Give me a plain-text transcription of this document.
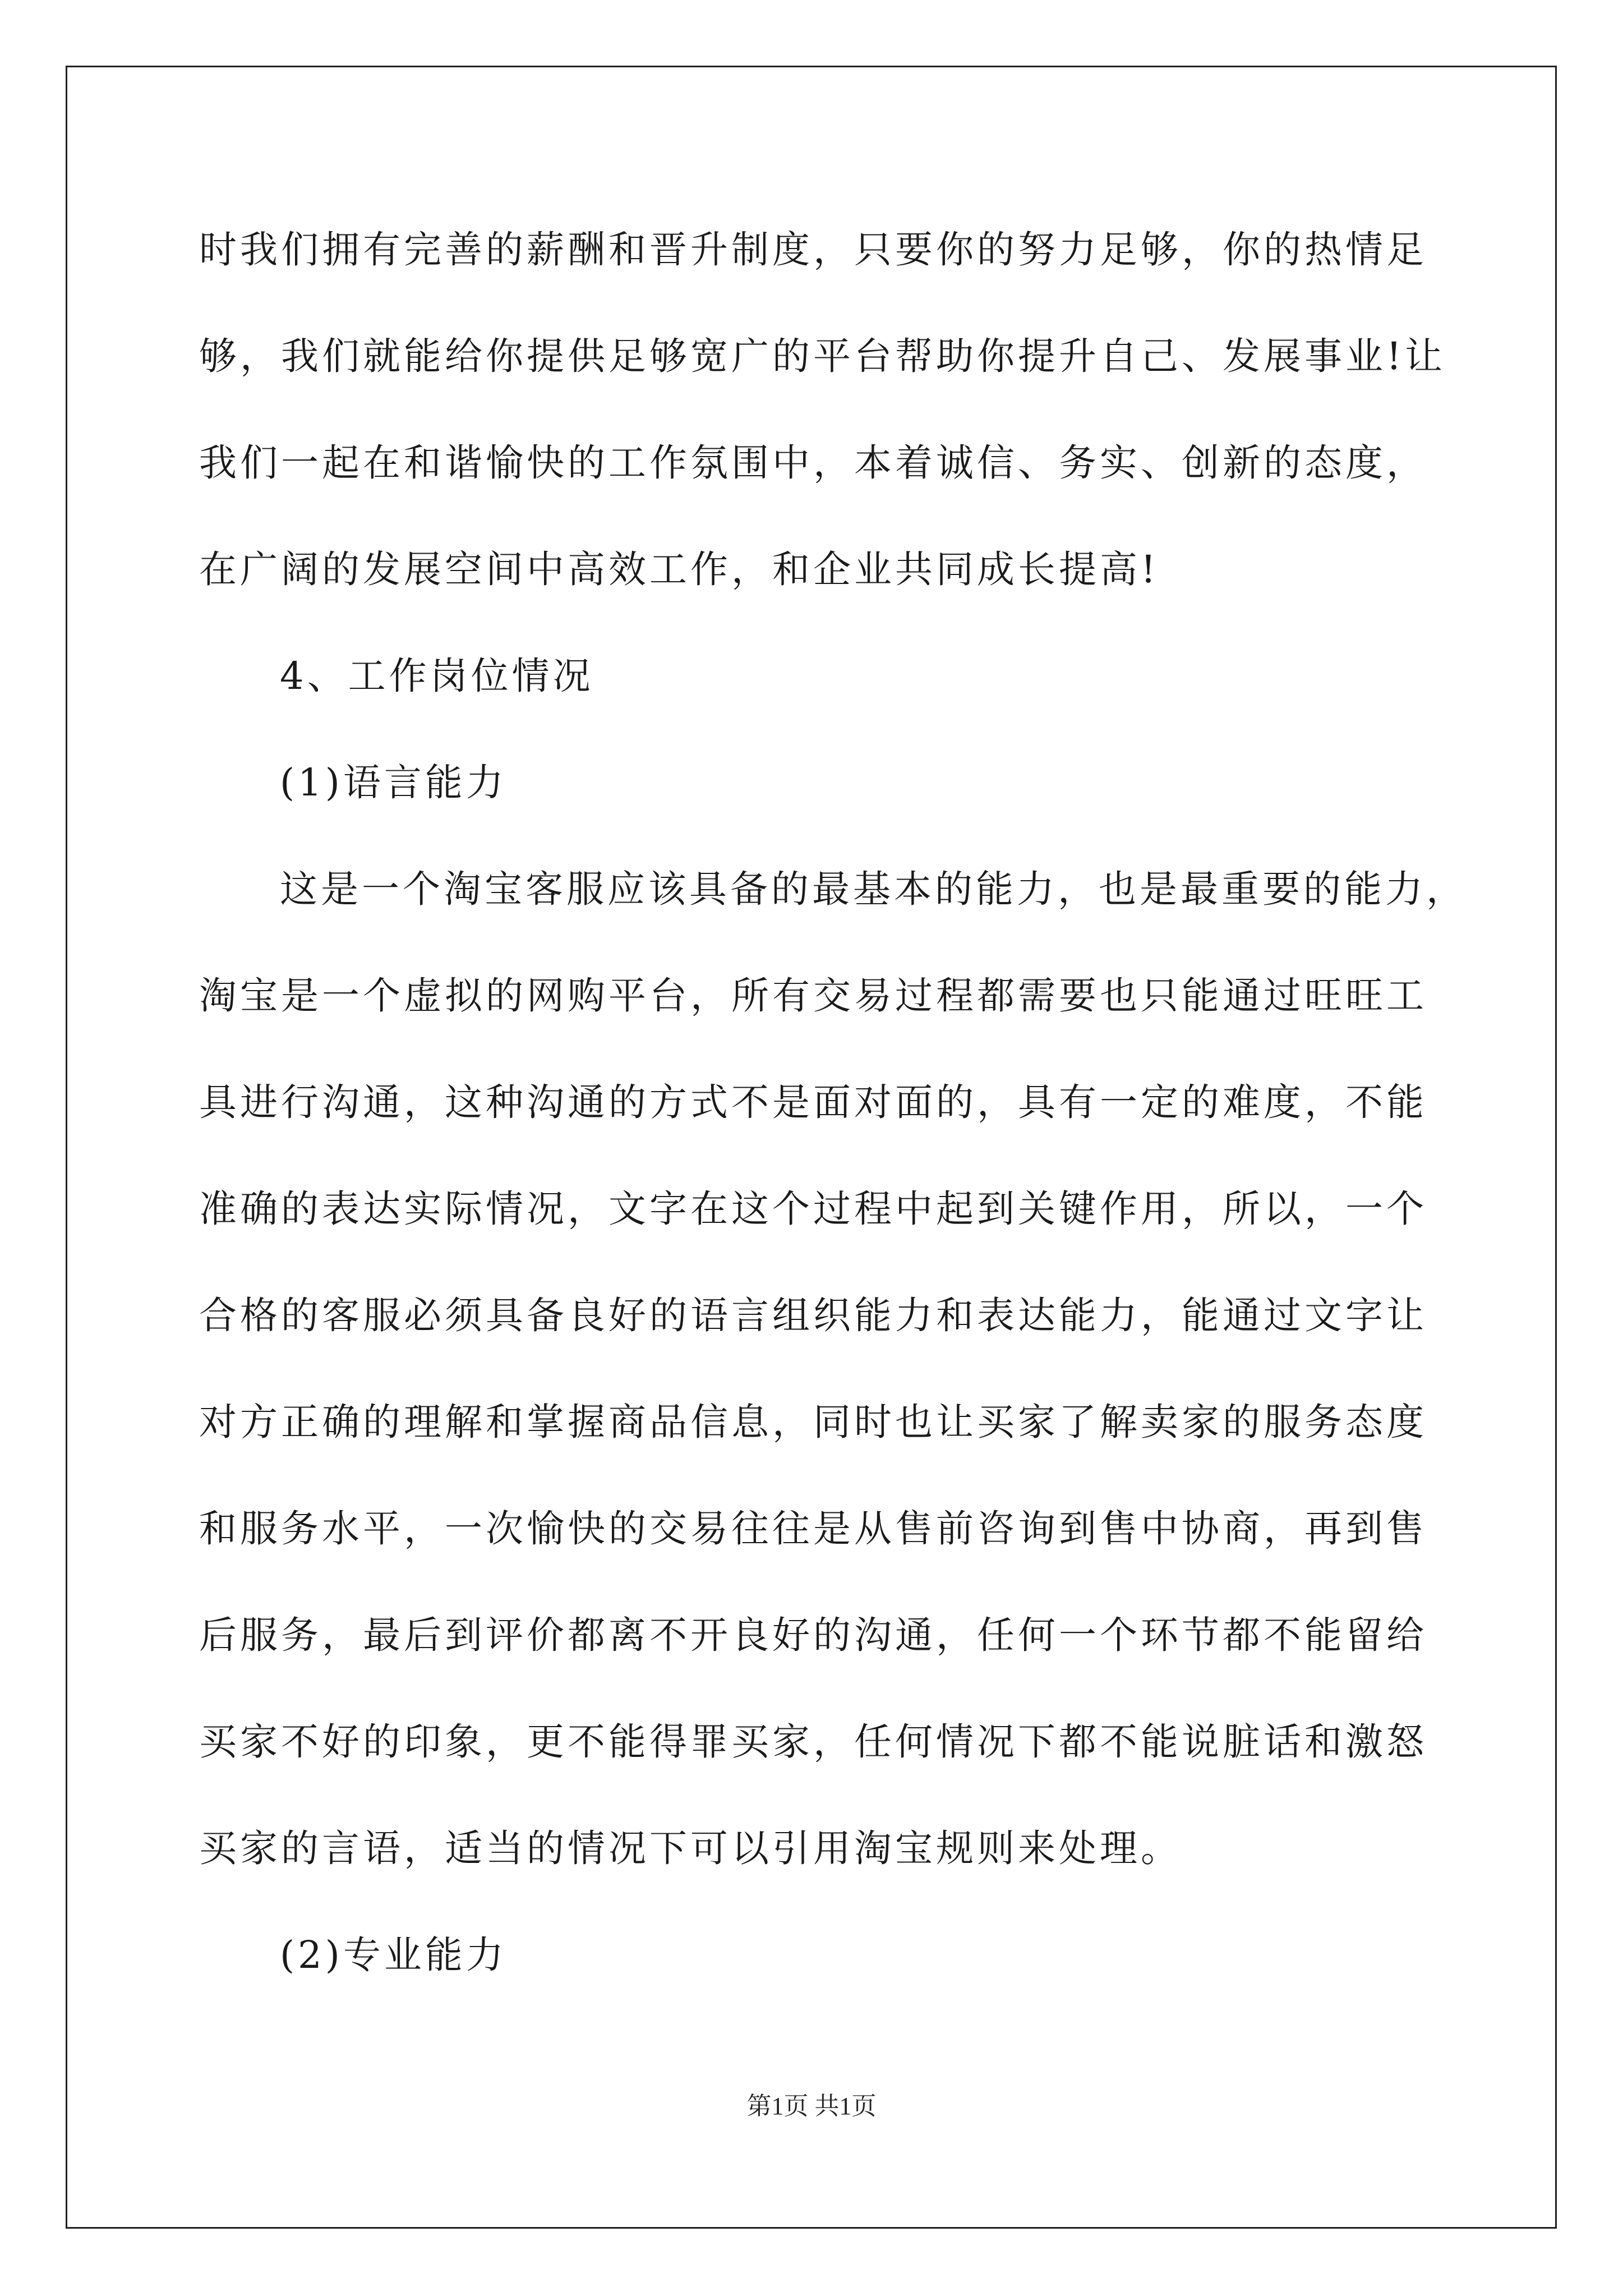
时我们拥有完善的薪酬和晋升制度，只要你的努力足够，你的热情足
够，我们就能给你提供足够宽广的平台帮助你提升自己、发展事业!让
我们一起在和谐愉快的工作氛围中，本着诚信、务实、创新的态度，
在广阔的发展空间中高效工作，和企业共同成长提高!
4、工作岗位情况
(1)语言能力
这是一个淘宝客服应该具备的最基本的能力，也是最重要的能力，
淘宝是一个虚拟的网购平台，所有交易过程都需要也只能通过旺旺工
具进行沟通，这种沟通的方式不是面对面的，具有一定的难度，不能
准确的表达实际情况，文字在这个过程中起到关键作用，所以，一个
合格的客服必须具备良好的语言组织能力和表达能力，能通过文字让
对方正确的理解和掌握商品信息，同时也让买家了解卖家的服务态度
和服务水平，一次愉快的交易往往是从售前咨询到售中协商，再到售
后服务，最后到评价都离不开良好的沟通，任何一个环节都不能留给
买家不好的印象，更不能得罪买家，任何情况下都不能说脏话和激怒
买家的言语，适当的情况下可以引用淘宝规则来处理。
(2)专业能力
第1页 共1页
